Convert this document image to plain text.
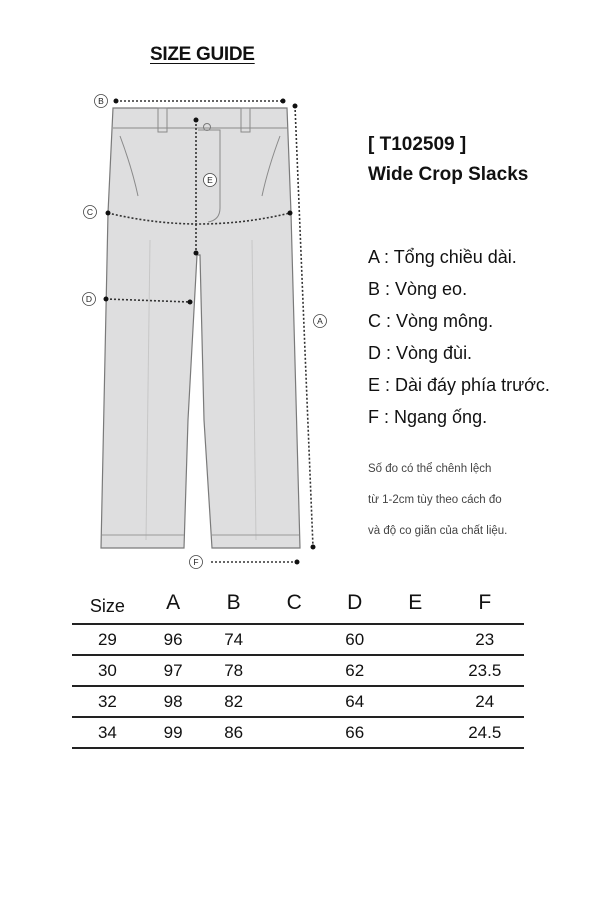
SIZE GUIDE
B
C
D
E
A
F
[ T102509 ]
Wide Crop Slacks
A : Tổng chiều dài.
B : Vòng eo.
C : Vòng mông.
D : Vòng đùi.
E : Dài đáy phía trước.
F : Ngang ống.
Số đo có thể chênh lệch
từ 1-2cm tùy theo cách đo
và độ co giãn của chất liệu.
Size	A	B	C	D	E	F
29	96	74		60		23
30	97	78		62		23.5
32	98	82		64		24
34	99	86		66		24.5
